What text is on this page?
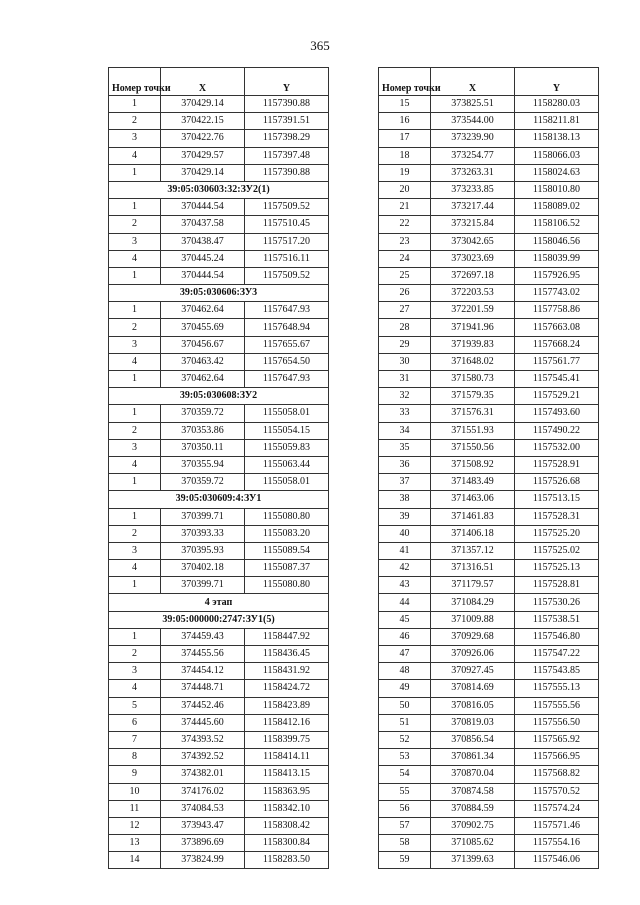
365
Номер точки	X	Y
1	370429.14	1157390.88
2	370422.15	1157391.51
3	370422.76	1157398.29
4	370429.57	1157397.48
1	370429.14	1157390.88
39:05:030603:32:ЗУ2(1)		
1	370444.54	1157509.52
2	370437.58	1157510.45
3	370438.47	1157517.20
4	370445.24	1157516.11
1	370444.54	1157509.52
39:05:030606:ЗУ3		
1	370462.64	1157647.93
2	370455.69	1157648.94
3	370456.67	1157655.67
4	370463.42	1157654.50
1	370462.64	1157647.93
39:05:030608:ЗУ2		
1	370359.72	1155058.01
2	370353.86	1155054.15
3	370350.11	1155059.83
4	370355.94	1155063.44
1	370359.72	1155058.01
39:05:030609:4:ЗУ1		
1	370399.71	1155080.80
2	370393.33	1155083.20
3	370395.93	1155089.54
4	370402.18	1155087.37
1	370399.71	1155080.80
4 этап		
39:05:000000:2747:ЗУ1(5)		
1	374459.43	1158447.92
2	374455.56	1158436.45
3	374454.12	1158431.92
4	374448.71	1158424.72
5	374452.46	1158423.89
6	374445.60	1158412.16
7	374393.52	1158399.75
8	374392.52	1158414.11
9	374382.01	1158413.15
10	374176.02	1158363.95
11	374084.53	1158342.10
12	373943.47	1158308.42
13	373896.69	1158300.84
14	373824.99	1158283.50
Номер точки	X	Y
15	373825.51	1158280.03
16	373544.00	1158211.81
17	373239.90	1158138.13
18	373254.77	1158066.03
19	373263.31	1158024.63
20	373233.85	1158010.80
21	373217.44	1158089.02
22	373215.84	1158106.52
23	373042.65	1158046.56
24	373023.69	1158039.99
25	372697.18	1157926.95
26	372203.53	1157743.02
27	372201.59	1157758.86
28	371941.96	1157663.08
29	371939.83	1157668.24
30	371648.02	1157561.77
31	371580.73	1157545.41
32	371579.35	1157529.21
33	371576.31	1157493.60
34	371551.93	1157490.22
35	371550.56	1157532.00
36	371508.92	1157528.91
37	371483.49	1157526.68
38	371463.06	1157513.15
39	371461.83	1157528.31
40	371406.18	1157525.20
41	371357.12	1157525.02
42	371316.51	1157525.13
43	371179.57	1157528.81
44	371084.29	1157530.26
45	371009.88	1157538.51
46	370929.68	1157546.80
47	370926.06	1157547.22
48	370927.45	1157543.85
49	370814.69	1157555.13
50	370816.05	1157555.56
51	370819.03	1157556.50
52	370856.54	1157565.92
53	370861.34	1157566.95
54	370870.04	1157568.82
55	370874.58	1157570.52
56	370884.59	1157574.24
57	370902.75	1157571.46
58	371085.62	1157554.16
59	371399.63	1157546.06
